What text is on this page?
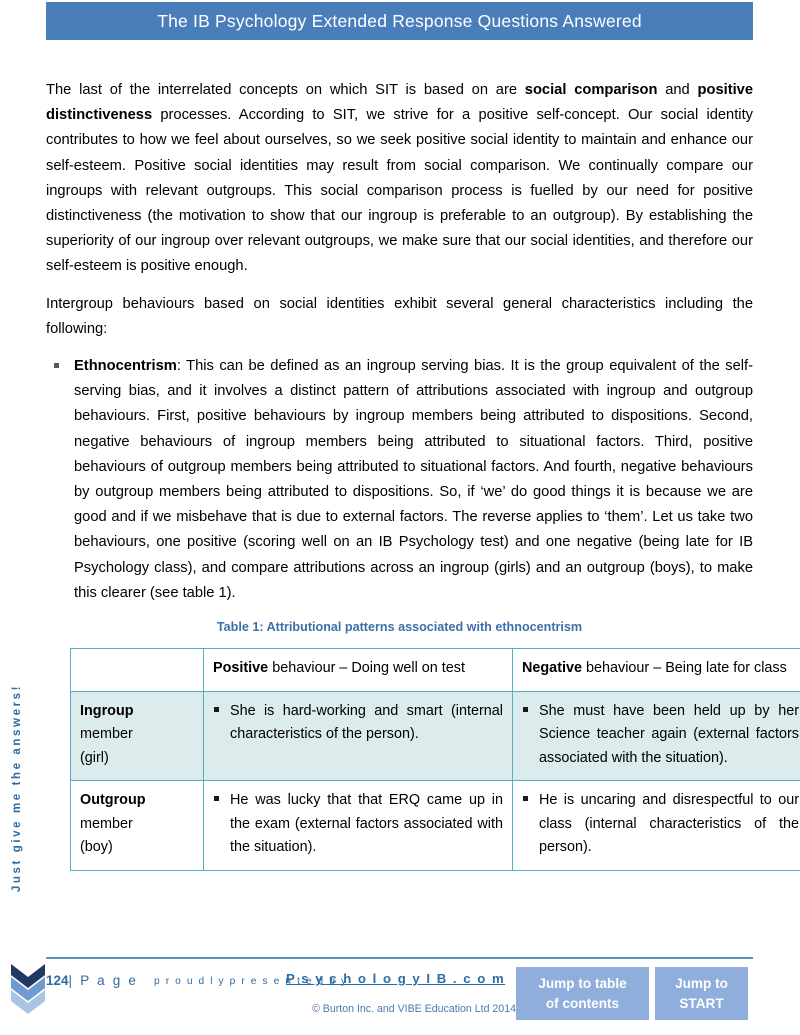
The IB Psychology Extended Response Questions Answered
Just give me the answers!

The last of the interrelated concepts on which SIT is based on are social comparison and positive distinctiveness processes. According to SIT, we strive for a positive self-concept. Our social identity contributes to how we feel about ourselves, so we seek positive social identity to maintain and enhance our self-esteem. Positive social identities may result from social comparison. We continually compare our ingroups with relevant outgroups. This social comparison process is fuelled by our need for positive distinctiveness (the motivation to show that our ingroup is preferable to an outgroup). By establishing the superiority of our ingroup over relevant outgroups, we make sure that our social identities, and therefore our self-esteem is positive enough.

Intergroup behaviours based on social identities exhibit several general characteristics including the following:

Ethnocentrism: This can be defined as an ingroup serving bias. It is the group equivalent of the self-serving bias, and it involves a distinct pattern of attributions associated with ingroup and outgroup behaviours. First, positive behaviours by ingroup members being attributed to dispositions. Second, negative behaviours of ingroup members being attributed to situational factors. Third, positive behaviours of outgroup members being attributed to situational factors. And fourth, negative behaviours by outgroup members being attributed to dispositions. So, if ‘we’ do good things it is because we are good and if we misbehave that is due to external factors. The reverse applies to ‘them’. Let us take two behaviours, one positive (scoring well on an IB Psychology test) and one negative (being late for IB Psychology class), and compare attributions across an ingroup (girls) and an outgroup (boys), to make this clearer (see table 1).

Table 1: Attributional patterns associated with ethnocentrism
	Positive behaviour – Doing well on test	Negative behaviour – Being late for class
Ingroup
member
(girl)	She is hard-working and smart (internal characteristics of the person).	She must have been held up by her Science teacher again (external factors associated with the situation).
Outgroup
member
(boy)	He was lucky that that ERQ came up in the exam (external factors associated with the situation).	He is uncaring and disrespectful to our class (internal characteristics of the person).
124| P a g e p r o u d l y p r e s e n t e d b y
P s y c h o l o g y I B . c o m
© Burton Inc. and VIBE Education Ltd 2014
Jump to table
of contents
Jump to
START
